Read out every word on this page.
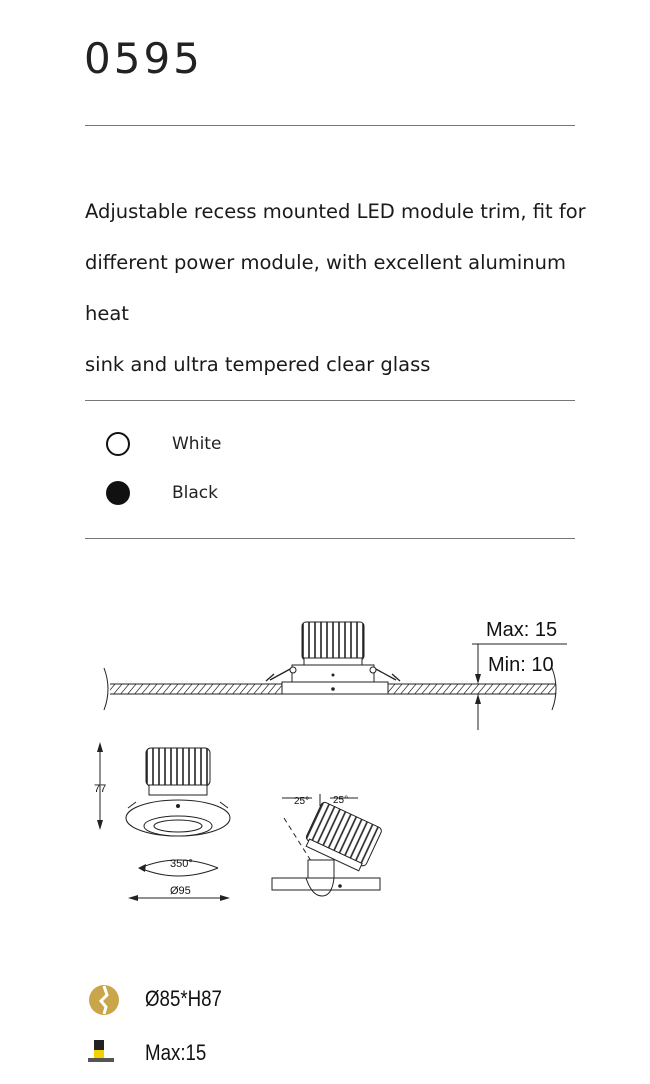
0595
Adjustable recess mounted LED module trim, fit for
different power module, with excellent aluminum heat
sink and ultra tempered clear glass
White
Black
Max: 15
Min: 10
77
350°
Ø95
25° 25°
Ø85*H87
Max:15
